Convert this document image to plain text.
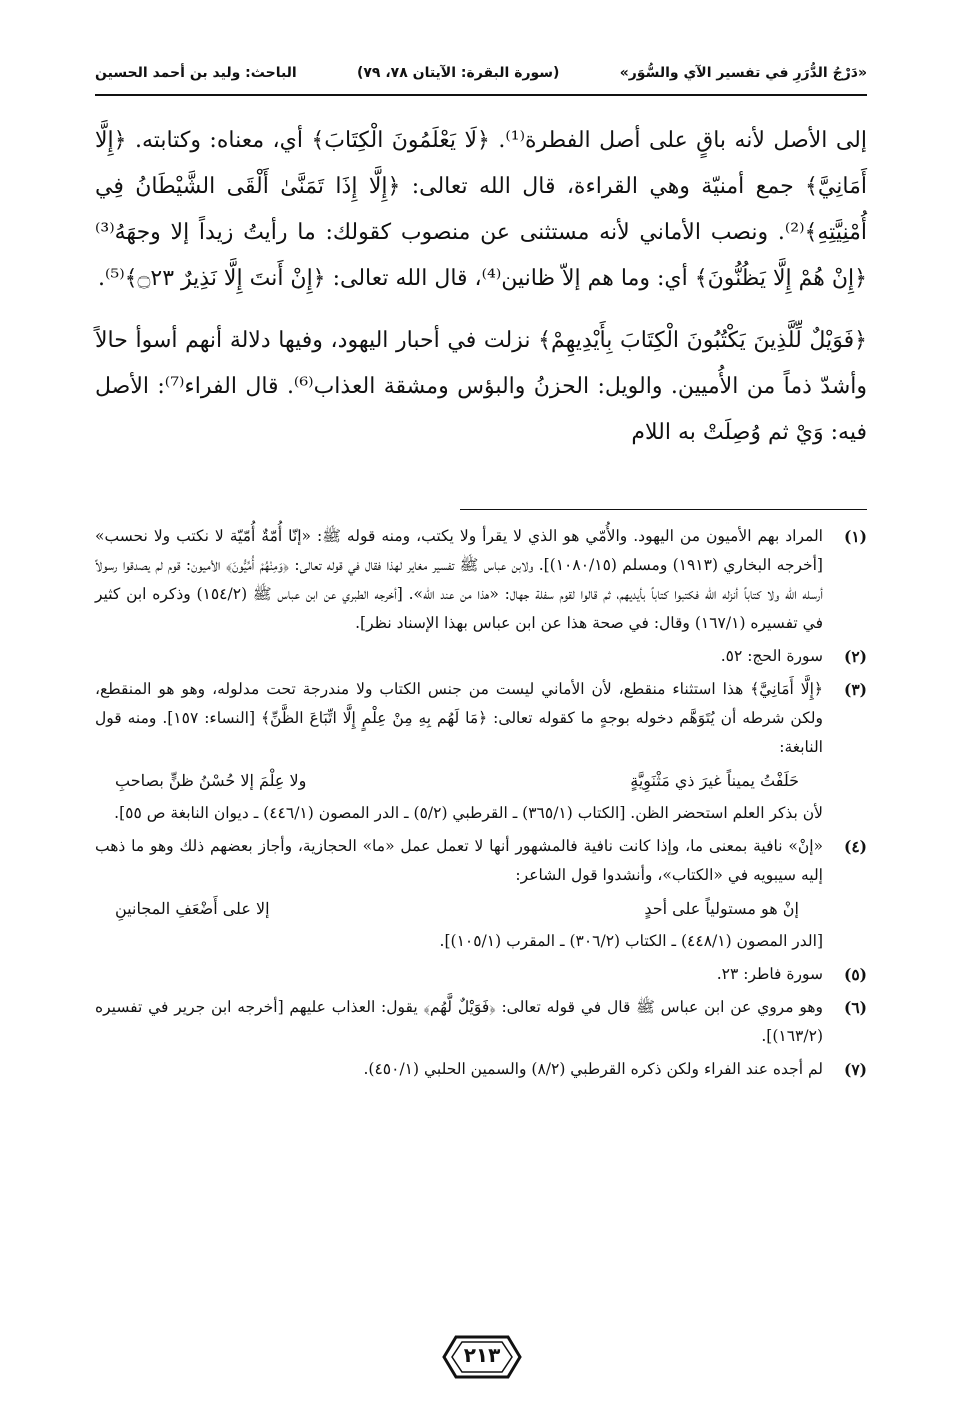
«دَرْجُ الدُّرَرِ في تفسير الآي والسُّوَر»
(سورة البقرة: الآيتان ٧٨، ٧٩)
الباحث: وليد بن أحمد الحسين

إلى الأصل لأنه باقٍ على أصل الفطرة⁽¹⁾. ﴿لَا يَعْلَمُونَ الْكِتَابَ﴾ أي، معناه: وكتابته. ﴿إِلَّا أَمَانِيَّ﴾ جمع أمنيّة وهي القراءة، قال الله تعالى: ﴿إِلَّا إِذَا تَمَنَّىٰ أَلْقَى الشَّيْطَانُ فِي أُمْنِيَّتِهِ﴾⁽²⁾. ونصب الأماني لأنه مستثنى عن منصوب كقولك: ما رأيتُ زيداً إلا وجهَهُ⁽³⁾ ﴿إِنْ هُمْ إِلَّا يَظُنُّونَ﴾ أي: وما هم إلاّ ظانين⁽⁴⁾، قال الله تعالى: ﴿إِنْ أَنتَ إِلَّا نَذِيرٌ ۝٢٣﴾⁽⁵⁾.

﴿فَوَيْلٌ لِّلَّذِينَ يَكْتُبُونَ الْكِتَابَ بِأَيْدِيهِمْ﴾ نزلت في أحبار اليهود، وفيها دلالة أنهم أسوأ حالاً وأشدّ ذماً من الأُميين. والويل: الحزنُ والبؤس ومشقة العذاب⁽⁶⁾. قال الفراء⁽⁷⁾: الأصل فيه: وَيْ ثم وُصِلَتْ به اللام

(١)
المراد بهم الأميون من اليهود. والأُمّي هو الذي لا يقرأ ولا يكتب، ومنه قوله ﷺ: «إنّا أُمّةٌ أُمّيّة لا نكتب ولا نحسب» [أخرجه البخاري (١٩١٣) ومسلم (١٠٨٠/١٥)]. ولابن عباس ﷺ تفسير مغاير لهذا فقال في قوله تعالى: ﴿وَمِنْهُمْ أُمِّيُّونَ﴾ الأميون: قوم لم يصدقوا رسولاً أرسله الله ولا كتاباً أنزله الله فكتبوا كتاباً بأيديهم، ثم قالوا لقوم سفلة جهال: «هذا من عند الله». [أخرجه الطبري عن ابن عباس ﷺ (١٥٤/٢) وذكره ابن كثير في تفسيره (١٦٧/١) وقال: في صحة هذا عن ابن عباس بهذا الإسناد نظر].
(٢)
سورة الحج: ٥٢.
(٣)
﴿إِلَّا أَمَانِيَّ﴾ هذا استثناء منقطع، لأن الأماني ليست من جنس الكتاب ولا مندرجة تحت مدلوله، وهو هو المنقطع، ولكن شرطه أن يُتَوَهَّم دخوله بوجهٍ ما كقوله تعالى: ﴿مَا لَهُم بِهِ مِنْ عِلْمٍ إِلَّا اتِّبَاعَ الظَّنِّ﴾ [النساء: ١٥٧]. ومنه قول النابغة:
حَلَفْتُ يميناً غيرَ ذي مَثْنَوِيَّةٍ
ولا عِلْمَ إلا حُسْنُ ظنٍّ بصاحبِ
لأن بذكر العلم استحضر الظن. [الكتاب (٣٦٥/١) ـ القرطبي (٥/٢) ـ الدر المصون (٤٤٦/١) ـ ديوان النابغة ص ٥٥].
(٤)
«إنْ» نافية بمعنى ما، وإذا كانت نافية فالمشهور أنها لا تعمل عمل «ما» الحجازية، وأجاز بعضهم ذلك وهو ما ذهب إليه سيبويه في «الكتاب»، وأنشدوا قول الشاعر:
إنْ هو مستولياً على أحدٍ
إلا على أَضْعَفِ المجانينِ
[الدر المصون (٤٤٨/١) ـ الكتاب (٣٠٦/٢) ـ المقرب (١٠٥/١)].
(٥)
سورة فاطر: ٢٣.
(٦)
وهو مروي عن ابن عباس ﷺ قال في قوله تعالى: ﴿فَوَيْلٌ لَّهُم﴾ يقول: العذاب عليهم [أخرجه ابن جرير في تفسيره (١٦٣/٢)].
(٧)
لم أجده عند الفراء ولكن ذكره القرطبي (٨/٢) والسمين الحلبي (٤٥٠/١).
٢١٣
